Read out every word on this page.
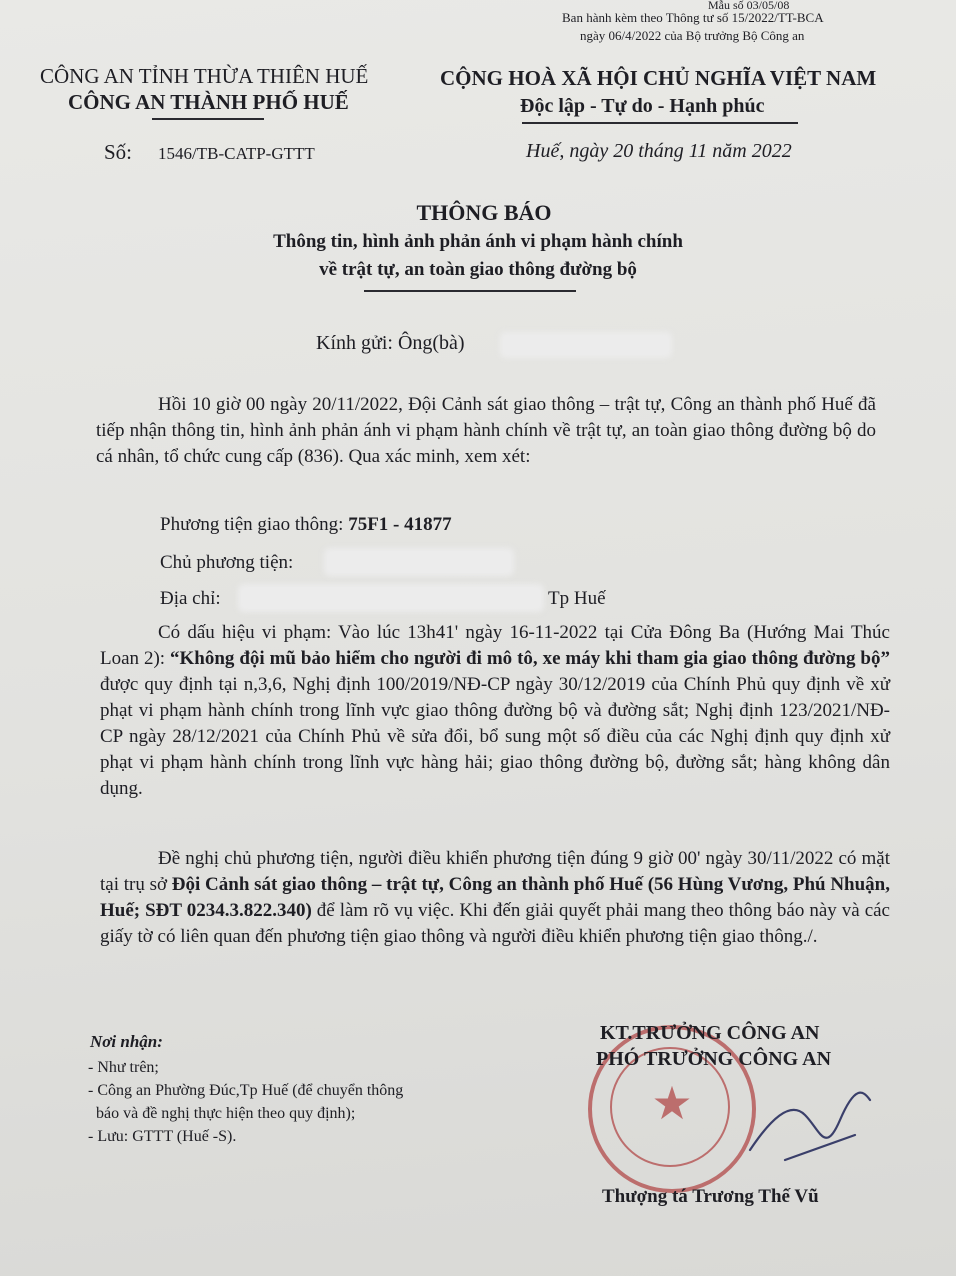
Mẫu số 03/05/08
Ban hành kèm theo Thông tư số 15/2022/TT-BCA
ngày 06/4/2022 của Bộ trưởng Bộ Công an
CÔNG AN TỈNH THỪA THIÊN HUẾ
CÔNG AN THÀNH PHỐ HUẾ
Số: 1546/TB-CATP-GTTT
CỘNG HOÀ XÃ HỘI CHỦ NGHĨA VIỆT NAM
Độc lập - Tự do - Hạnh phúc
Huế, ngày 20 tháng 11 năm 2022
THÔNG BÁO
Thông tin, hình ảnh phản ánh vi phạm hành chính
về trật tự, an toàn giao thông đường bộ
Kính gửi: Ông(bà)
Hồi 10 giờ 00 ngày 20/11/2022, Đội Cảnh sát giao thông – trật tự, Công an thành phố Huế đã tiếp nhận thông tin, hình ảnh phản ánh vi phạm hành chính về trật tự, an toàn giao thông đường bộ do cá nhân, tổ chức cung cấp (836). Qua xác minh, xem xét:
Phương tiện giao thông: 75F1 - 41877
Chủ phương tiện:
Địa chỉ:	Tp Huế
Có dấu hiệu vi phạm: Vào lúc 13h41' ngày 16-11-2022 tại Cửa Đông Ba (Hướng Mai Thúc Loan 2): “Không đội mũ bảo hiểm cho người đi mô tô, xe máy khi tham gia giao thông đường bộ” được quy định tại n,3,6, Nghị định 100/2019/NĐ-CP ngày 30/12/2019 của Chính Phủ quy định về xử phạt vi phạm hành chính trong lĩnh vực giao thông đường bộ và đường sắt; Nghị định 123/2021/NĐ-CP ngày 28/12/2021 của Chính Phủ về sửa đổi, bổ sung một số điều của các Nghị định quy định xử phạt vi phạm hành chính trong lĩnh vực hàng hải; giao thông đường bộ, đường sắt; hàng không dân dụng.
Đề nghị chủ phương tiện, người điều khiển phương tiện đúng 9 giờ 00' ngày 30/11/2022 có mặt tại trụ sở Đội Cảnh sát giao thông – trật tự, Công an thành phố Huế (56 Hùng Vương, Phú Nhuận, Huế; SĐT 0234.3.822.340) để làm rõ vụ việc. Khi đến giải quyết phải mang theo thông báo này và các giấy tờ có liên quan đến phương tiện giao thông và người điều khiển phương tiện giao thông./.
Nơi nhận:
- Như trên;
- Công an Phường Đúc,Tp Huế (để chuyển thông
báo và đề nghị thực hiện theo quy định);
- Lưu: GTTT (Huế -S).
★
KT.TRƯỞNG CÔNG AN
PHÓ TRƯỞNG CÔNG AN
Thượng tá Trương Thế Vũ
